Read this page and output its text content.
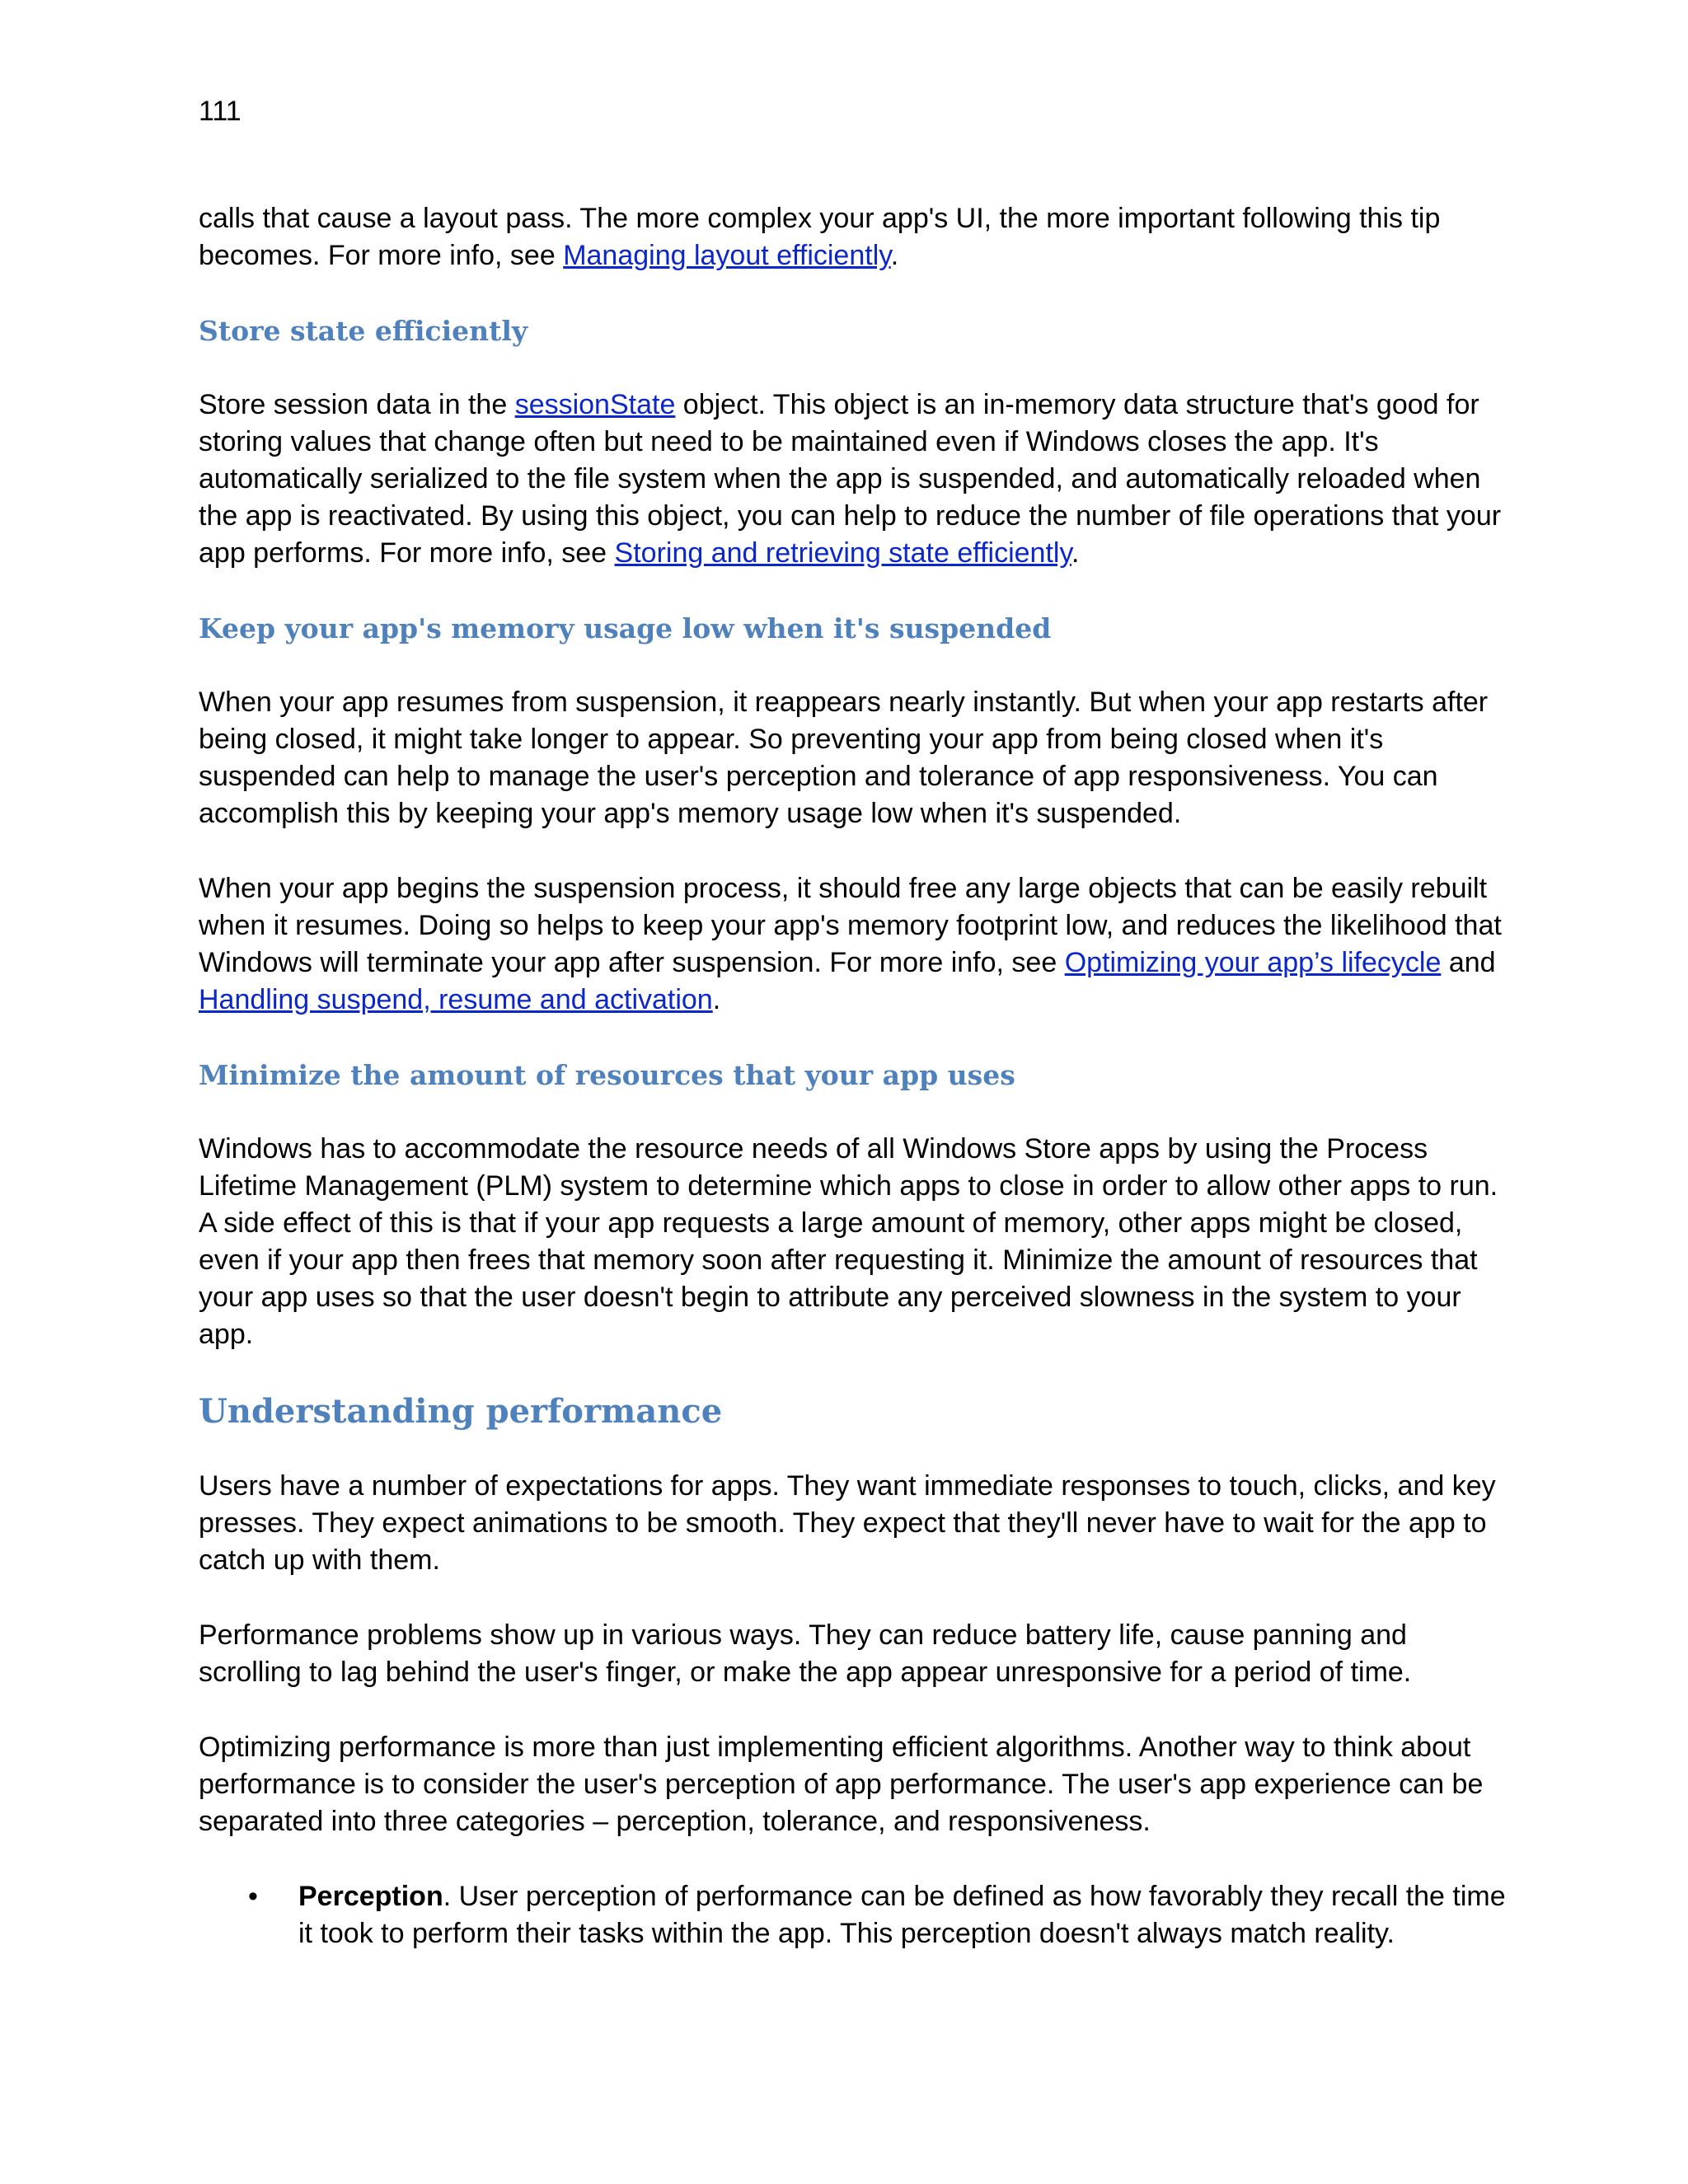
111

calls that cause a layout pass. The more complex your app's UI, the more important following this tip becomes. For more info, see Managing layout efficiently.

Store state efficiently

Store session data in the sessionState object. This object is an in-memory data structure that's good for storing values that change often but need to be maintained even if Windows closes the app. It's automatically serialized to the file system when the app is suspended, and automatically reloaded when the app is reactivated. By using this object, you can help to reduce the number of file operations that your app performs. For more info, see Storing and retrieving state efficiently.

Keep your app's memory usage low when it's suspended

When your app resumes from suspension, it reappears nearly instantly. But when your app restarts after being closed, it might take longer to appear. So preventing your app from being closed when it's suspended can help to manage the user's perception and tolerance of app responsiveness. You can accomplish this by keeping your app's memory usage low when it's suspended.

When your app begins the suspension process, it should free any large objects that can be easily rebuilt when it resumes. Doing so helps to keep your app's memory footprint low, and reduces the likelihood that Windows will terminate your app after suspension. For more info, see Optimizing your app’s lifecycle and Handling suspend, resume and activation.

Minimize the amount of resources that your app uses

Windows has to accommodate the resource needs of all Windows Store apps by using the Process Lifetime Management (PLM) system to determine which apps to close in order to allow other apps to run. A side effect of this is that if your app requests a large amount of memory, other apps might be closed, even if your app then frees that memory soon after requesting it. Minimize the amount of resources that your app uses so that the user doesn't begin to attribute any perceived slowness in the system to your app.

Understanding performance

Users have a number of expectations for apps. They want immediate responses to touch, clicks, and key presses. They expect animations to be smooth. They expect that they'll never have to wait for the app to catch up with them.

Performance problems show up in various ways. They can reduce battery life, cause panning and scrolling to lag behind the user's finger, or make the app appear unresponsive for a period of time.

Optimizing performance is more than just implementing efficient algorithms. Another way to think about performance is to consider the user's perception of app performance. The user's app experience can be separated into three categories – perception, tolerance, and responsiveness.

• Perception. User perception of performance can be defined as how favorably they recall the time it took to perform their tasks within the app. This perception doesn't always match reality.
